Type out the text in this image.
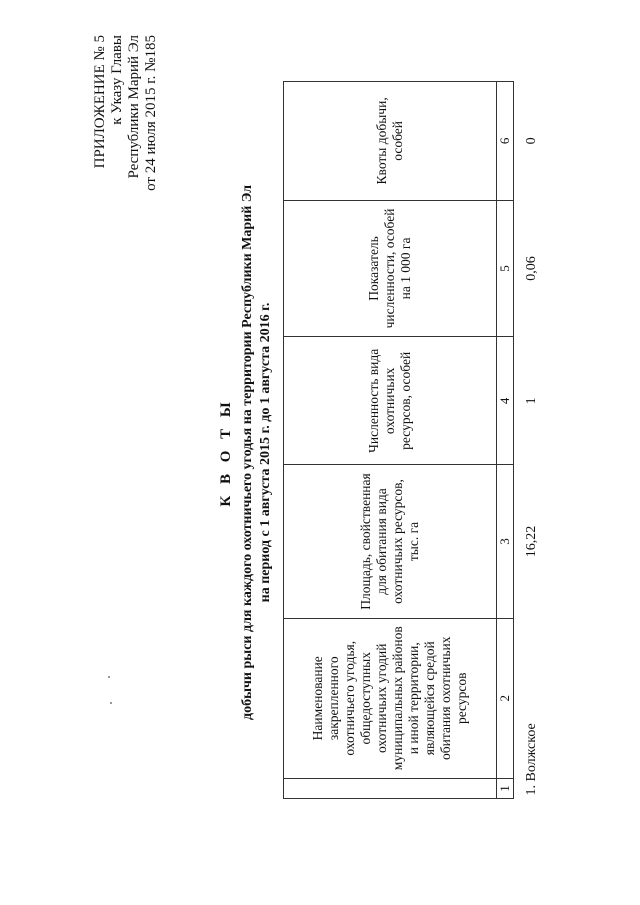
ПРИЛОЖЕНИЕ № 5 к Указу Главы Республики Марий Эл от 24 июля 2015 г. №185
К В О Т Ы добычи рыси для каждого охотничьего угодья на территории Республики Марий Эл на период с 1 августа 2015 г. до 1 августа 2016 г.
	Наименование закрепленного охотничьего угодья, общедоступных охотничьих угодий муниципальных районов и иной территории, являющейся средой обитания охотничьих ресурсов	Площадь, свойственная для обитания вида охотничьих ресурсов, тыс. га	Численность вида охотничьих ресурсов, особей	Показатель численности, особей на 1 000 га	Квоты добычи, особей
1	2	3	4	5	6
1. Волжское		16,22	1	0,06	0
